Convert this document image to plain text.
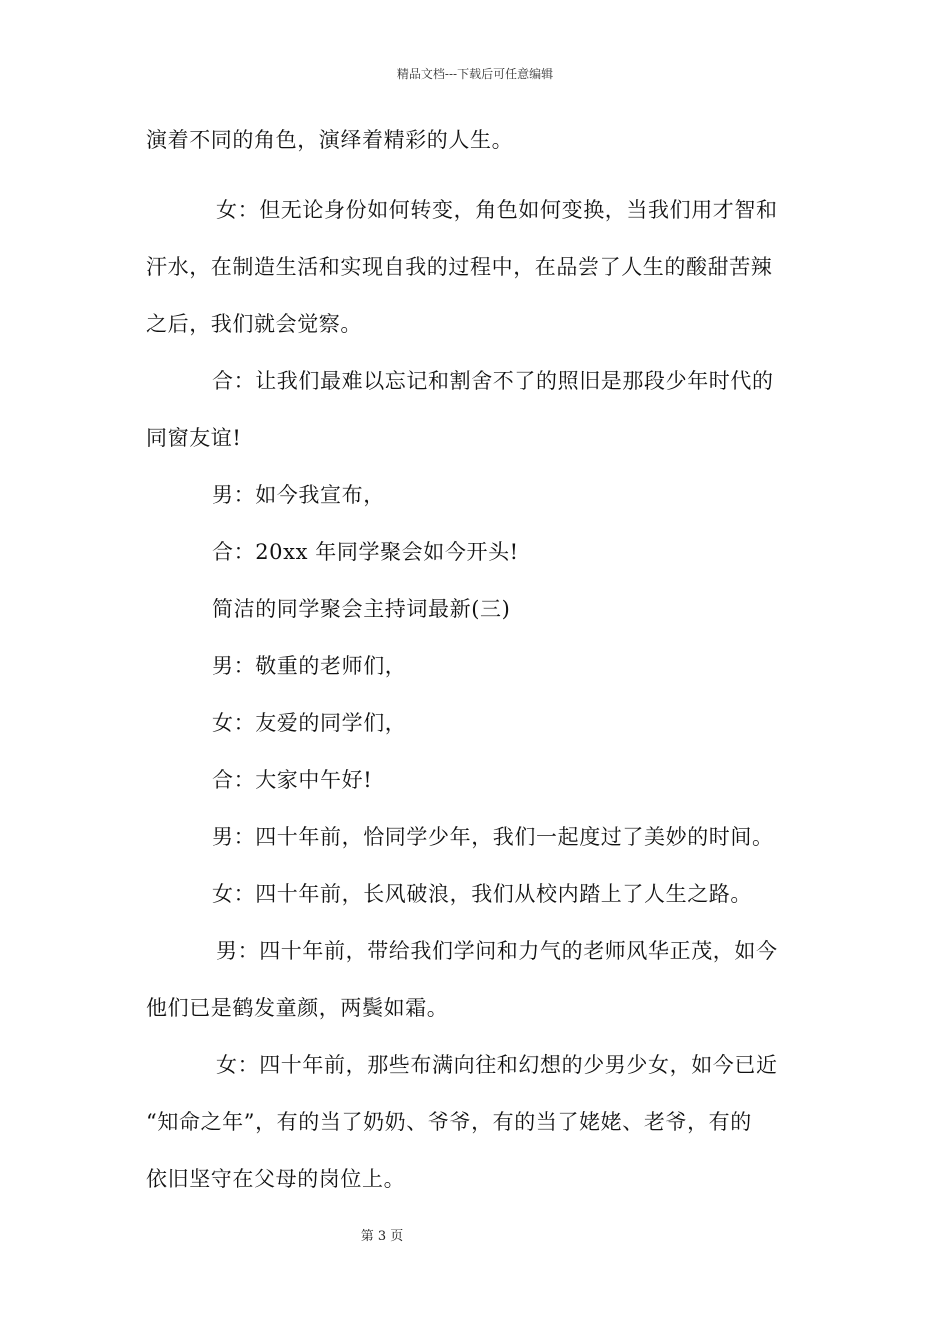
精品文档---下载后可任意编辑
演着不同的角色，演绎着精彩的人生。
女：但无论身份如何转变，角色如何变换，当我们用才智和
汗水，在制造生活和实现自我的过程中，在品尝了人生的酸甜苦辣
之后，我们就会觉察。
合：让我们最难以忘记和割舍不了的照旧是那段少年时代的
同窗友谊!
男：如今我宣布，
合：20xx 年同学聚会如今开头!
简洁的同学聚会主持词最新(三)
男：敬重的老师们，
女：友爱的同学们，
合：大家中午好!
男：四十年前，恰同学少年，我们一起度过了美妙的时间。
女：四十年前，长风破浪，我们从校内踏上了人生之路。
男：四十年前，带给我们学问和力气的老师风华正茂，如今
他们已是鹤发童颜，两鬓如霜。
女：四十年前，那些布满向往和幻想的少男少女，如今已近
“知命之年”，有的当了奶奶、爷爷，有的当了姥姥、老爷，有的
依旧坚守在父母的岗位上。
第 3 页
